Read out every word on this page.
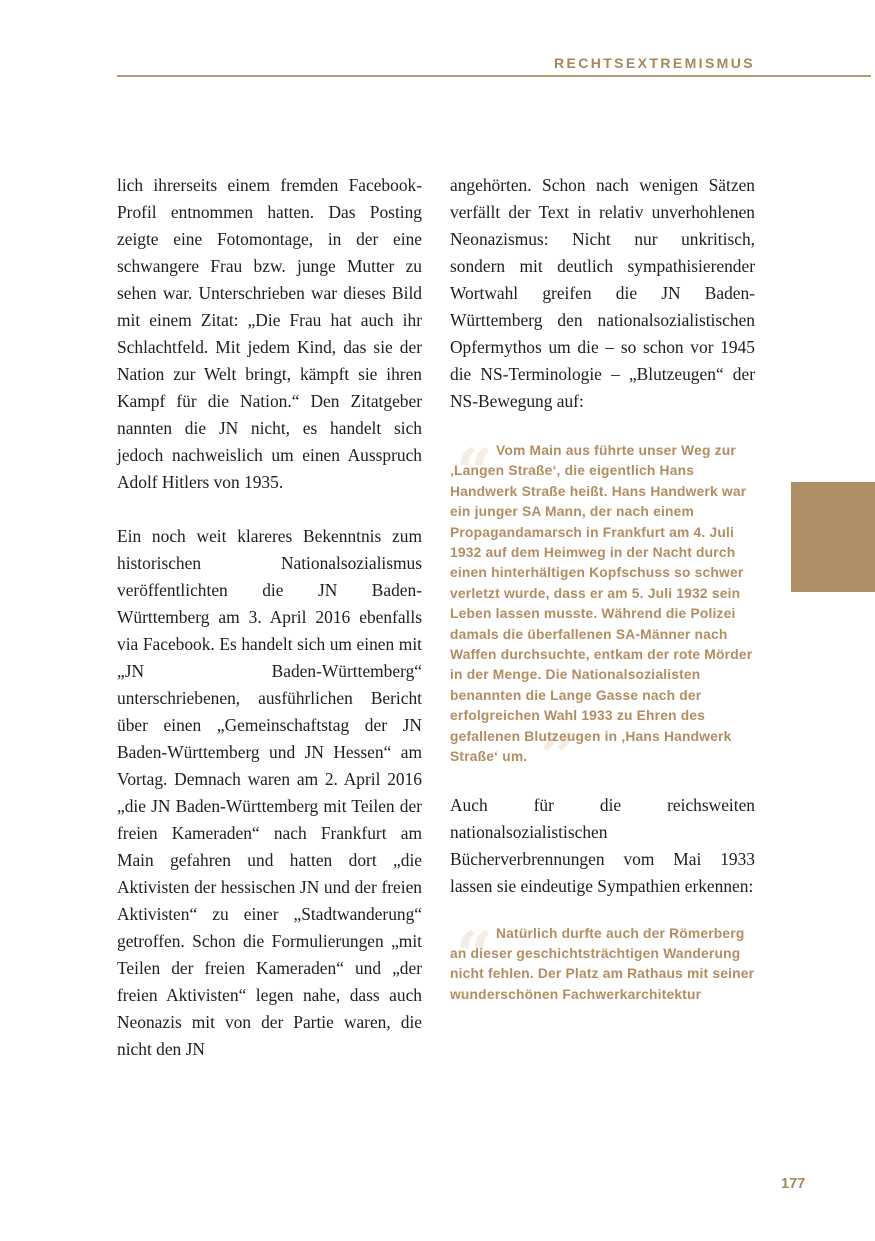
RECHTSEXTREMISMUS

lich ihrerseits einem fremden Facebook-Profil entnommen hatten. Das Posting zeigte eine Fotomontage, in der eine schwangere Frau bzw. junge Mutter zu sehen war. Unterschrieben war dieses Bild mit einem Zitat: „Die Frau hat auch ihr Schlachtfeld. Mit jedem Kind, das sie der Nation zur Welt bringt, kämpft sie ihren Kampf für die Nation.“ Den Zitatgeber nannten die JN nicht, es handelt sich jedoch nachweislich um einen Ausspruch Adolf Hitlers von 1935.

Ein noch weit klareres Bekenntnis zum historischen Nationalsozialismus veröffentlichten die JN Baden-Württemberg am 3. April 2016 ebenfalls via Facebook. Es handelt sich um einen mit „JN Baden-Württemberg“ unterschriebenen, ausführlichen Bericht über einen „Gemeinschaftstag der JN Baden-Württemberg und JN Hessen“ am Vortag. Demnach waren am 2. April 2016 „die JN Baden-Württemberg mit Teilen der freien Kameraden“ nach Frankfurt am Main gefahren und hatten dort „die Aktivisten der hessischen JN und der freien Aktivisten“ zu einer „Stadtwanderung“ getroffen. Schon die Formulierungen „mit Teilen der freien Kameraden“ und „der freien Aktivisten“ legen nahe, dass auch Neonazis mit von der Partie waren, die nicht den JN

angehörten. Schon nach wenigen Sätzen verfällt der Text in relativ unverhohlenen Neonazismus: Nicht nur unkritisch, sondern mit deutlich sympathisierender Wortwahl greifen die JN Baden-Württemberg den nationalsozialistischen Opfermythos um die – so schon vor 1945 die NS-Terminologie – „Blutzeugen“ der NS-Bewegung auf:

“
”
Vom Main aus führte unser Weg zur ‚Langen Straße‘, die eigentlich Hans Handwerk Straße heißt. Hans Handwerk war ein junger SA Mann, der nach einem Propagandamarsch in Frankfurt am 4. Juli 1932 auf dem Heimweg in der Nacht durch einen hinterhältigen Kopfschuss so schwer verletzt wurde, dass er am 5. Juli 1932 sein Leben lassen musste. Während die Polizei damals die überfallenen SA-Männer nach Waffen durchsuchte, entkam der rote Mörder in der Menge. Die Nationalsozialisten benannten die Lange Gasse nach der erfolgreichen Wahl 1933 zu Ehren des gefallenen Blutzeugen in ‚Hans Handwerk Straße‘ um.

Auch für die reichsweiten nationalsozialistischen Bücherverbrennungen vom Mai 1933 lassen sie eindeutige Sympathien erkennen:

“ Natürlich durfte auch der Römerberg an dieser geschichtsträchtigen Wanderung nicht fehlen. Der Platz am Rathaus mit seiner wunderschönen Fachwerkarchitektur
177
